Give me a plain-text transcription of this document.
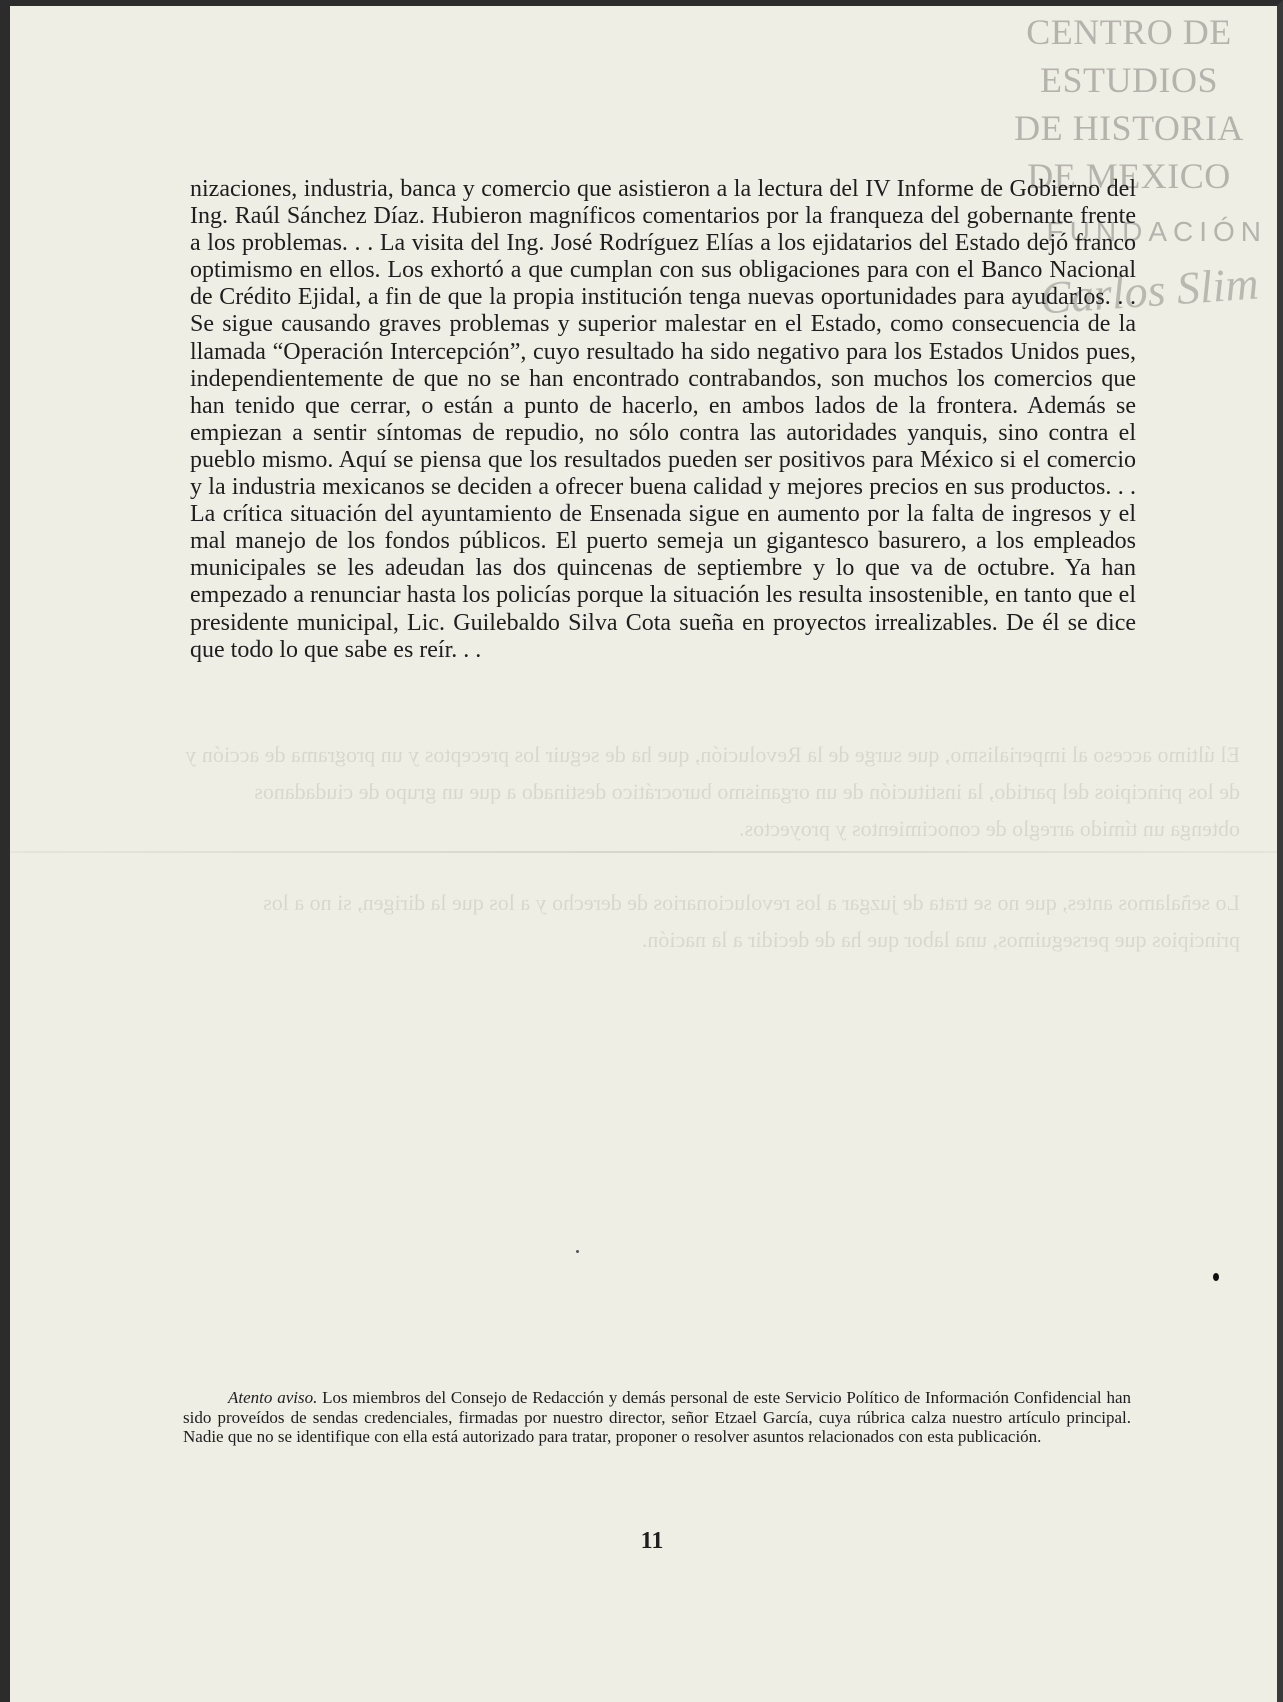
El último acceso al imperialismo, que surge de la Revolución, que ha de seguir los preceptos y un programa de acción y de los principios del partido, la institución de un organismo burocrático destinado a que un grupo de ciudadanos obtenga un tímido arreglo de conocimientos y proyectos.

Lo señalamos antes, que no se trata de juzgar a los revolucionarios de derecho y a los que la dirigen, si no a los principios que perseguimos, una labor que ha de decidir a la nación.
CENTRO DE
ESTUDIOS
DE HISTORIA
DE MEXICO
FUNDACIÓN
Carlos Slim

nizaciones, industria, banca y comercio que asistieron a la lectura del IV Informe de Gobierno del Ing. Raúl Sánchez Díaz. Hubieron magníficos comentarios por la franqueza del gobernante frente a los problemas. . . La visita del Ing. José Rodríguez Elías a los ejidatarios del Estado dejó franco optimismo en ellos. Los exhortó a que cumplan con sus obligaciones para con el Banco Nacional de Crédito Ejidal, a fin de que la propia institución tenga nuevas oportunidades para ayudarlos. . . Se sigue causando graves problemas y superior malestar en el Estado, como consecuencia de la llamada “Operación Intercepción”, cuyo resultado ha sido negativo para los Estados Unidos pues, independientemente de que no se han encontrado contrabandos, son muchos los comercios que han tenido que cerrar, o están a punto de hacerlo, en ambos lados de la frontera. Además se empiezan a sentir síntomas de repudio, no sólo contra las autoridades yanquis, sino contra el pueblo mismo. Aquí se piensa que los resultados pueden ser positivos para México si el comercio y la industria mexicanos se deciden a ofrecer buena calidad y mejores precios en sus productos. . . La crítica situación del ayuntamiento de Ensenada sigue en aumento por la falta de ingresos y el mal manejo de los fondos públicos. El puerto semeja un gigantesco basurero, a los empleados municipales se les adeudan las dos quincenas de septiembre y lo que va de octubre. Ya han empezado a renunciar hasta los policías porque la situación les resulta insostenible, en tanto que el presidente municipal, Lic. Guilebaldo Silva Cota sueña en proyectos irrealizables. De él se dice que todo lo que sabe es reír. . .

Atento aviso. Los miembros del Consejo de Redacción y demás personal de este Servicio Político de Información Confidencial han sido proveídos de sendas credenciales, firmadas por nuestro director, señor Etzael García, cuya rúbrica calza nuestro artículo principal. Nadie que no se identifique con ella está autorizado para tratar, proponer o resolver asuntos relacionados con esta publicación.

11
